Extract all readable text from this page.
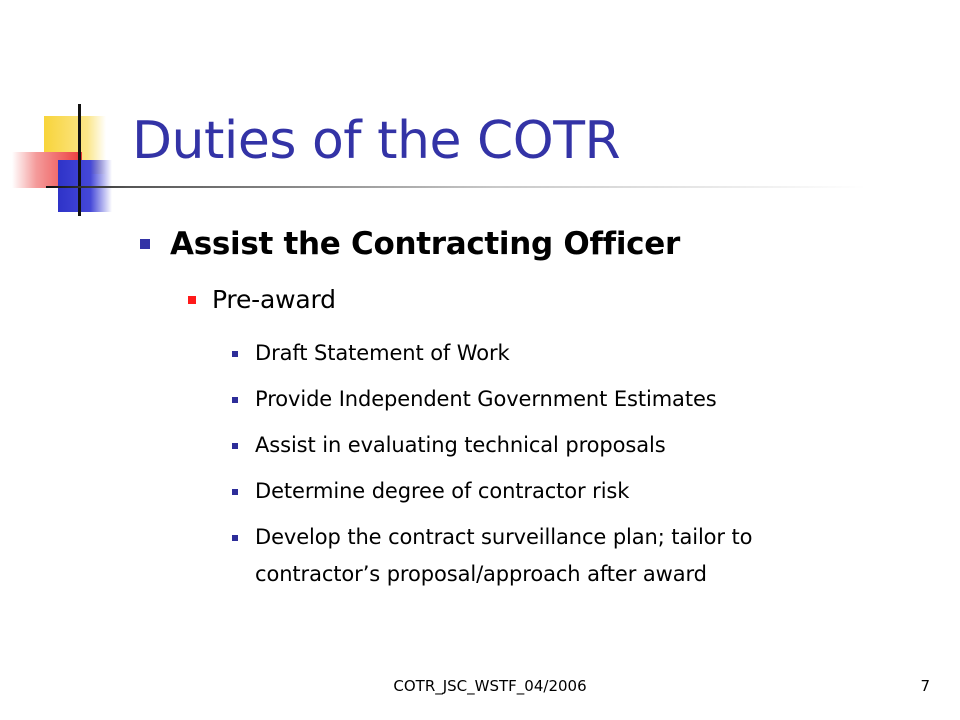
Duties of the COTR

Assist the Contracting Officer

Pre-award

Draft Statement of Work

Provide Independent Government Estimates

Assist in evaluating technical proposals

Determine degree of contractor risk

Develop the contract surveillance plan; tailor to

contractor’s proposal/approach after award

COTR_JSC_WSTF_04/2006	7
